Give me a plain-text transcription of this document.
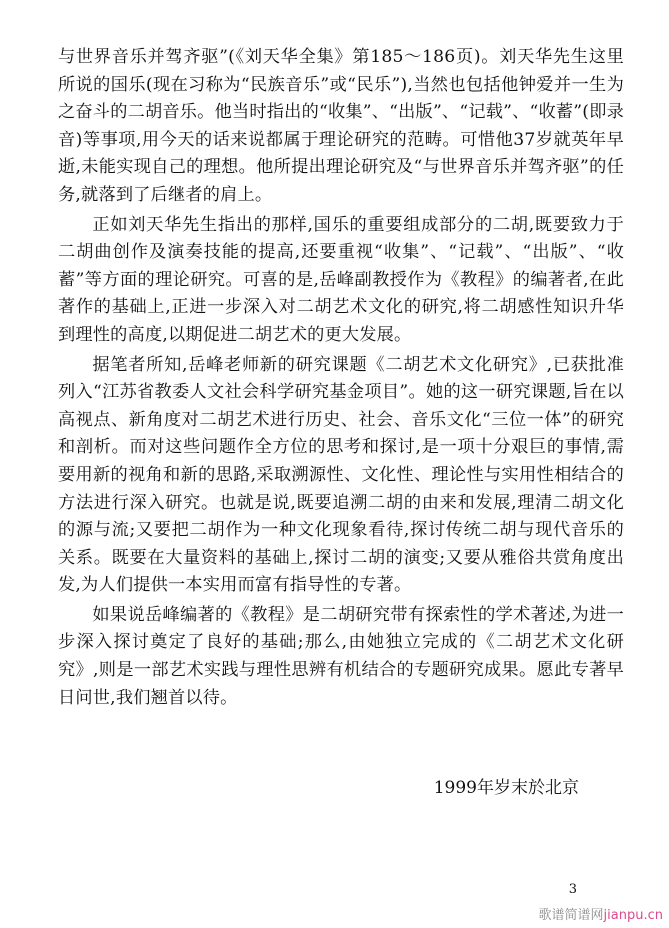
与世界音乐并驾齐驱”(《刘天华全集》第185～186页)。刘天华先生这里所说的国乐(现在习称为“民族音乐”或“民乐”),当然也包括他钟爱并一生为之奋斗的二胡音乐。他当时指出的“收集”、“出版”、“记载”、“收蓄”(即录音)等事项,用今天的话来说都属于理论研究的范畴。可惜他37岁就英年早逝,未能实现自己的理想。他所提出理论研究及“与世界音乐并驾齐驱”的任务,就落到了后继者的肩上。

正如刘天华先生指出的那样,国乐的重要组成部分的二胡,既要致力于二胡曲创作及演奏技能的提高,还要重视“收集”、“记载”、“出版”、“收蓄”等方面的理论研究。可喜的是,岳峰副教授作为《教程》的编著者,在此著作的基础上,正进一步深入对二胡艺术文化的研究,将二胡感性知识升华到理性的高度,以期促进二胡艺术的更大发展。

据笔者所知,岳峰老师新的研究课题《二胡艺术文化研究》,已获批准列入“江苏省教委人文社会科学研究基金项目”。她的这一研究课题,旨在以高视点、新角度对二胡艺术进行历史、社会、音乐文化“三位一体”的研究和剖析。而对这些问题作全方位的思考和探讨,是一项十分艰巨的事情,需要用新的视角和新的思路,采取溯源性、文化性、理论性与实用性相结合的方法进行深入研究。也就是说,既要追溯二胡的由来和发展,理清二胡文化的源与流;又要把二胡作为一种文化现象看待,探讨传统二胡与现代音乐的关系。既要在大量资料的基础上,探讨二胡的演变;又要从雅俗共赏角度出发,为人们提供一本实用而富有指导性的专著。

如果说岳峰编著的《教程》是二胡研究带有探索性的学术著述,为进一步深入探讨奠定了良好的基础;那么,由她独立完成的《二胡艺术文化研究》,则是一部艺术实践与理性思辨有机结合的专题研究成果。愿此专著早日问世,我们翘首以待。

1999年岁末於北京
3
歌谱简谱网jianpu.cn
